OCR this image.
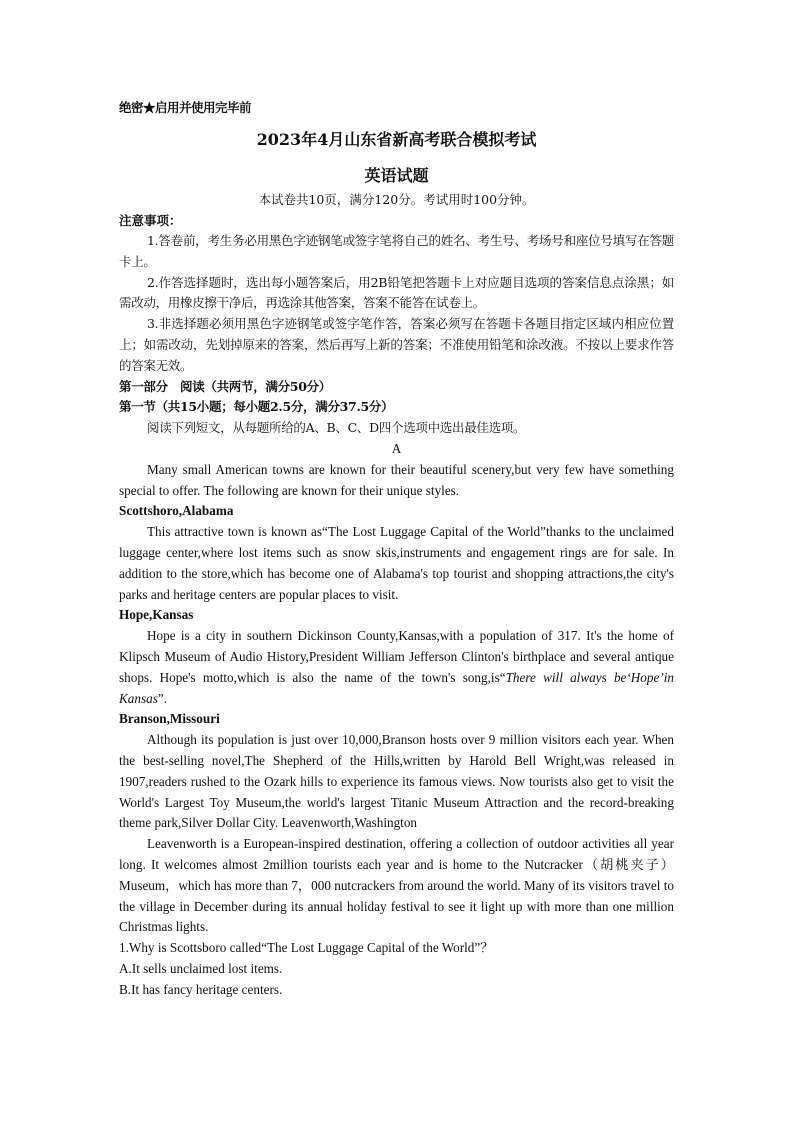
绝密★启用并使用完毕前
2023年4月山东省新高考联合模拟考试
英语试题
本试卷共10页，满分120分。考试用时100分钟。
注意事项：

1.答卷前，考生务必用黑色字迹钢笔或签字笔将自己的姓名、考生号、考场号和座位号填写在答题卡上。

2.作答选择题时，选出每小题答案后，用2B铅笔把答题卡上对应题目选项的答案信息点涂黑；如需改动，用橡皮擦干净后，再选涂其他答案，答案不能答在试卷上。

3.非选择题必须用黑色字迹钢笔或签字笔作答，答案必须写在答题卡各题目指定区域内相应位置上；如需改动，先划掉原来的答案，然后再写上新的答案；不准使用铅笔和涂改液。不按以上要求作答的答案无效。

第一部分　阅读（共两节，满分50分）

第一节（共15小题；每小题2.5分，满分37.5分）

阅读下列短文，从每题所给的A、B、C、D四个选项中选出最佳选项。

A

Many small American towns are known for their beautiful scenery,but very few have something special to offer. The following are known for their unique styles.

Scottshoro,Alabama

This attractive town is known as“The Lost Luggage Capital of the World”thanks to the unclaimed luggage center,where lost items such as snow skis,instruments and engagement rings are for sale. In addition to the store,which has become one of Alabama's top tourist and shopping attractions,the city's parks and heritage centers are popular places to visit.

Hope,Kansas

Hope is a city in southern Dickinson County,Kansas,with a population of 317. It's the home of Klipsch Museum of Audio History,President William Jefferson Clinton's birthplace and several antique shops. Hope's motto,which is also the name of the town's song,is“There will always be‘Hope’in Kansas”.

Branson,Missouri

Although its population is just over 10,000,Branson hosts over 9 million visitors each year. When the best-selling novel,The Shepherd of the Hills,written by Harold Bell Wright,was released in 1907,readers rushed to the Ozark hills to experience its famous views. Now tourists also get to visit the World's Largest Toy Museum,the world's largest Titanic Museum Attraction and the record-breaking theme park,Silver Dollar City. Leavenworth,Washington

Leavenworth is a European-inspired destination, offering a collection of outdoor activities all year long. It welcomes almost 2million tourists each year and is home to the Nutcracker（胡桃夹子）Museum，which has more than 7，000 nutcrackers from around the world. Many of its visitors travel to the village in December during its annual holiday festival to see it light up with more than one million Christmas lights.

1.Why is Scottsboro called“The Lost Luggage Capital of the World”？

A.It sells unclaimed lost items.

B.It has fancy heritage centers.
